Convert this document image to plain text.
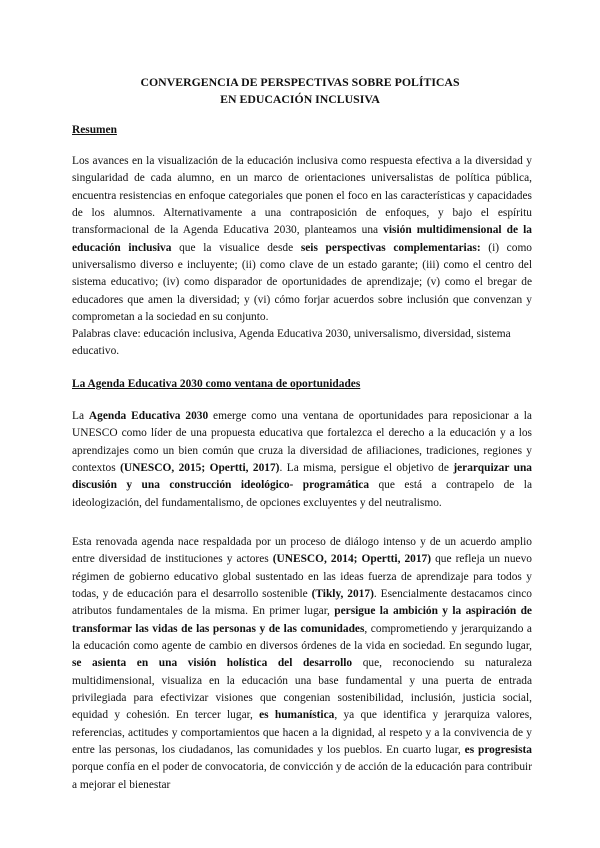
CONVERGENCIA DE PERSPECTIVAS SOBRE POLÍTICAS
EN EDUCACIÓN INCLUSIVA
Resumen
Los avances en la visualización de la educación inclusiva como respuesta efectiva a la diversidad y singularidad de cada alumno, en un marco de orientaciones universalistas de política pública, encuentra resistencias en enfoque categoriales que ponen el foco en las características y capacidades de los alumnos. Alternativamente a una contraposición de enfoques, y bajo el espíritu transformacional de la Agenda Educativa 2030, planteamos una visión multidimensional de la educación inclusiva que la visualice desde seis perspectivas complementarias: (i) como universalismo diverso e incluyente; (ii) como clave de un estado garante; (iii) como el centro del sistema educativo; (iv) como disparador de oportunidades de aprendizaje; (v) como el bregar de educadores que amen la diversidad; y (vi) cómo forjar acuerdos sobre inclusión que convenzan y comprometan a la sociedad en su conjunto.
Palabras clave: educación inclusiva, Agenda Educativa 2030, universalismo, diversidad, sistema educativo.
La Agenda Educativa 2030 como ventana de oportunidades
La Agenda Educativa 2030 emerge como una ventana de oportunidades para reposicionar a la UNESCO como líder de una propuesta educativa que fortalezca el derecho a la educación y a los aprendizajes como un bien común que cruza la diversidad de afiliaciones, tradiciones, regiones y contextos (UNESCO, 2015; Opertti, 2017). La misma, persigue el objetivo de jerarquizar una discusión y una construcción ideológico- programática que está a contrapelo de la ideologización, del fundamentalismo, de opciones excluyentes y del neutralismo.
Esta renovada agenda nace respaldada por un proceso de diálogo intenso y de un acuerdo amplio entre diversidad de instituciones y actores (UNESCO, 2014; Opertti, 2017) que refleja un nuevo régimen de gobierno educativo global sustentado en las ideas fuerza de aprendizaje para todos y todas, y de educación para el desarrollo sostenible (Tikly, 2017). Esencialmente destacamos cinco atributos fundamentales de la misma. En primer lugar, persigue la ambición y la aspiración de transformar las vidas de las personas y de las comunidades, comprometiendo y jerarquizando a la educación como agente de cambio en diversos órdenes de la vida en sociedad. En segundo lugar, se asienta en una visión holística del desarrollo que, reconociendo su naturaleza multidimensional, visualiza en la educación una base fundamental y una puerta de entrada privilegiada para efectivizar visiones que congenian sostenibilidad, inclusión, justicia social, equidad y cohesión. En tercer lugar, es humanística, ya que identifica y jerarquiza valores, referencias, actitudes y comportamientos que hacen a la dignidad, al respeto y a la convivencia de y entre las personas, los ciudadanos, las comunidades y los pueblos. En cuarto lugar, es progresista porque confía en el poder de convocatoria, de convicción y de acción de la educación para contribuir a mejorar el bienestar
